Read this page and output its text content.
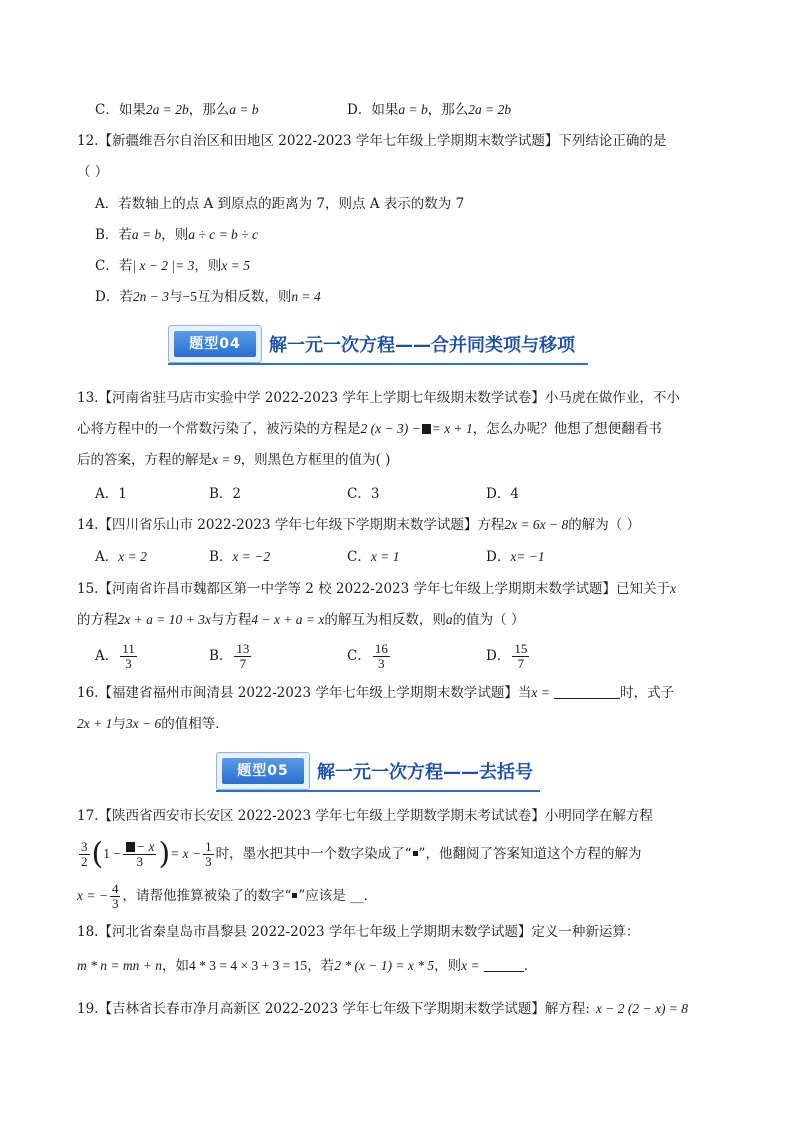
C．如果2a = 2b，那么a = b	D．如果a = b，那么2a = 2b
12.【新疆维吾尔自治区和田地区 2022-2023 学年七年级上学期期末数学试题】下列结论正确的是
（ ）
A．若数轴上的点 A 到原点的距离为 7，则点 A 表示的数为 7
B．若a = b，则a ÷ c = b ÷ c
C．若| x − 2 |= 3，则x = 5
D．若2n − 3与−5互为相反数，则n = 4
题型04	解一元一次方程——合并同类项与移项
13.【河南省驻马店市实验中学 2022-2023 学年上学期七年级期末数学试卷】小马虎在做作业，不小
心将方程中的一个常数污染了，被污染的方程是2 (x − 3) − = x + 1，怎么办呢？他想了想便翻看书
后的答案，方程的解是x = 9，则黑色方框里的值为( )
A．1	B．2	C．3	D．4
14.【四川省乐山市 2022-2023 学年七年级下学期期末数学试题】方程2x = 6x − 8的解为（ ）
A．x = 2	B．x = −2	C．x = 1	D．x= −1
15.【河南省许昌市魏都区第一中学等 2 校 2022-2023 学年七年级上学期期末数学试题】已知关于x
的方程2x + a = 10 + 3x与方程4 − x + a = x的解互为相反数，则a的值为（ ）
A． $\frac{11}{3}$	B． $\frac{13}{7}$	C． $\frac{16}{3}$	D． $\frac{15}{7}$
16.【福建省福州市闽清县 2022-2023 学年七年级上学期期末数学试题】当x =	时，式子
2x + 1与3x − 6的值相等．
题型05	解一元一次方程——去括号
17.【陕西省西安市长安区 2022-2023 学年七年级上学期数学期末考试试卷】小明同学在解方程
$\frac{3}{2} (1 - \frac{- x}{3}$ )= $x - \frac{1}{3}$ 时，墨水把其中一个数字染成了“ ”，他翻阅了答案知道这个方程的解为
x = − $\frac{4}{3}$ ，请帮他推算被染了的数字“ ”应该是 __．
18.【河北省秦皇岛市昌黎县 2022-2023 学年七年级上学期期末数学试题】定义一种新运算：
m * n = mn + n，如4 * 3 = 4 × 3 + 3 = 15，若2 * (x − 1) = x * 5，则x =	．
19.【吉林省长春市净月高新区 2022-2023 学年七年级下学期期末数学试题】解方程: x − 2 (2 − x) = 8
